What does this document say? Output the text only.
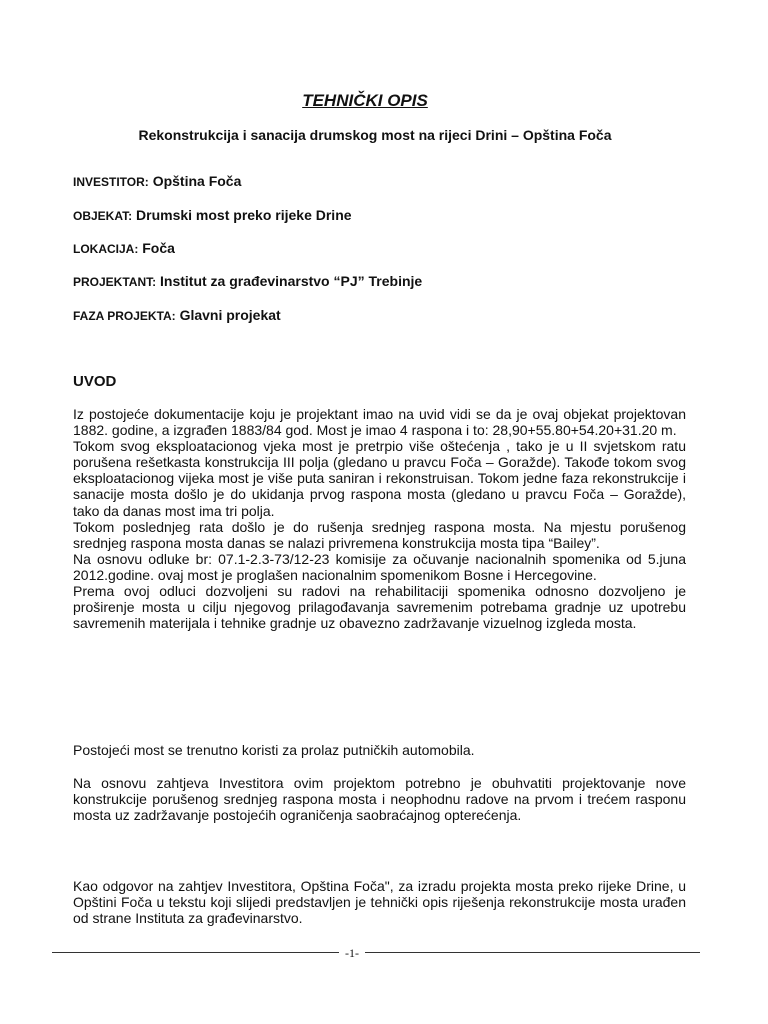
TEHNIČKI OPIS
Rekonstrukcija i sanacija drumskog most na rijeci Drini – Opština Foča
INVESTITOR: Opština Foča
OBJEKAT: Drumski most preko rijeke Drine
LOKACIJA: Foča
PROJEKTANT: Institut za građevinarstvo “PJ” Trebinje
FAZA PROJEKTA: Glavni projekat
UVOD

Iz postojeće dokumentacije koju je projektant imao na uvid vidi se da je ovaj objekat projektovan 1882. godine, a izgrađen 1883/84 god. Most je imao 4 raspona i to: 28,90+55.80+54.20+31.20 m.

Tokom svog eksploatacionog vjeka most je pretrpio više oštećenja , tako je u II svjetskom ratu porušena rešetkasta konstrukcija III polja (gledano u pravcu Foča – Goražde). Takođe tokom svog eksploatacionog vijeka most je više puta saniran i rekonstruisan. Tokom jedne faza rekonstrukcije i sanacije mosta došlo je do ukidanja prvog raspona mosta (gledano u pravcu Foča – Goražde), tako da danas most ima tri polja.

Tokom poslednjeg rata došlo je do rušenja srednjeg raspona mosta. Na mjestu porušenog srednjeg raspona mosta danas se nalazi privremena konstrukcija mosta tipa “Bailey”.

Na osnovu odluke br: 07.1-2.3-73/12-23 komisije za očuvanje nacionalnih spomenika od 5.juna 2012.godine. ovaj most je proglašen nacionalnim spomenikom Bosne i Hercegovine.

Prema ovoj odluci dozvoljeni su radovi na rehabilitaciji spomenika odnosno dozvoljeno je proširenje mosta u cilju njegovog prilagođavanja savremenim potrebama gradnje uz upotrebu savremenih materijala i tehnike gradnje uz obavezno zadržavanje vizuelnog izgleda mosta.

Postojeći most se trenutno koristi za prolaz putničkih automobila.
Na osnovu zahtjeva Investitora ovim projektom potrebno je obuhvatiti projektovanje nove konstrukcije porušenog srednjeg raspona mosta i neophodnu radove na prvom i trećem rasponu mosta uz zadržavanje postojećih ograničenja saobraćajnog opterećenja.
Kao odgovor na zahtjev Investitora, Opština Foča", za izradu projekta mosta preko rijeke Drine, u Opštini Foča u tekstu koji slijedi predstavljen je tehnički opis riješenja rekonstrukcije mosta urađen od strane Instituta za građevinarstvo.
-1-
